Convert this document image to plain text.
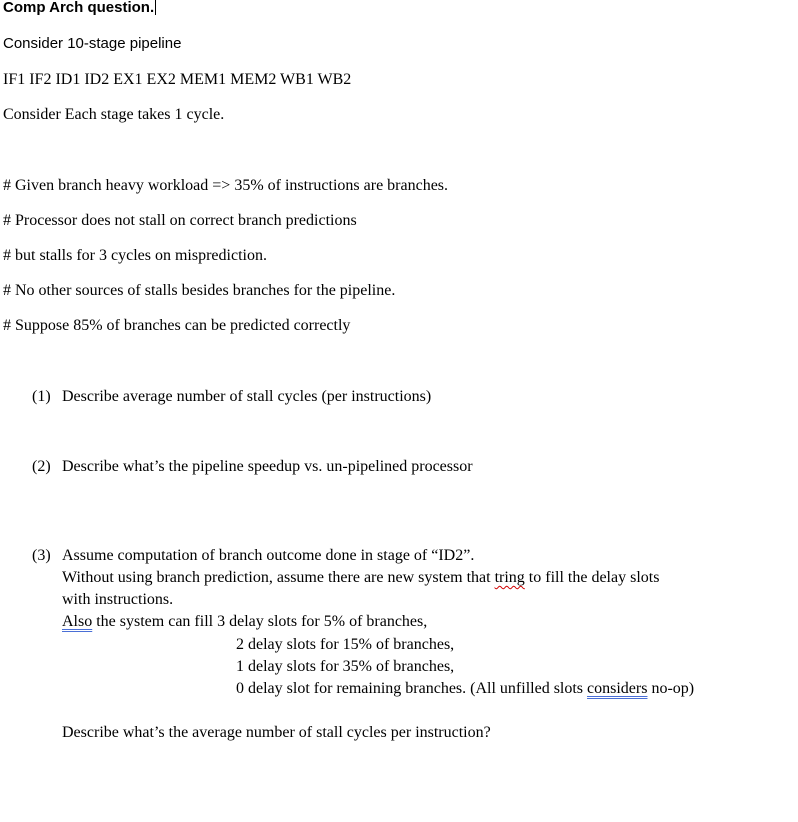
Comp Arch question.
Consider 10-stage pipeline
IF1 IF2 ID1 ID2 EX1 EX2 MEM1 MEM2 WB1 WB2
Consider Each stage takes 1 cycle.
# Given branch heavy workload => 35% of instructions are branches.
# Processor does not stall on correct branch predictions
# but stalls for 3 cycles on misprediction.
# No other sources of stalls besides branches for the pipeline.
# Suppose 85% of branches can be predicted correctly
(1) Describe average number of stall cycles (per instructions)
(2) Describe what’s the pipeline speedup vs. un-pipelined processor
(3) Assume computation of branch outcome done in stage of “ID2”.
Without using branch prediction, assume there are new system that tring to fill the delay slots
with instructions.
Also the system can fill 3 delay slots for 5% of branches,
2 delay slots for 15% of branches,
1 delay slots for 35% of branches,
0 delay slot for remaining branches. (All unfilled slots considers no-op)
Describe what’s the average number of stall cycles per instruction?
